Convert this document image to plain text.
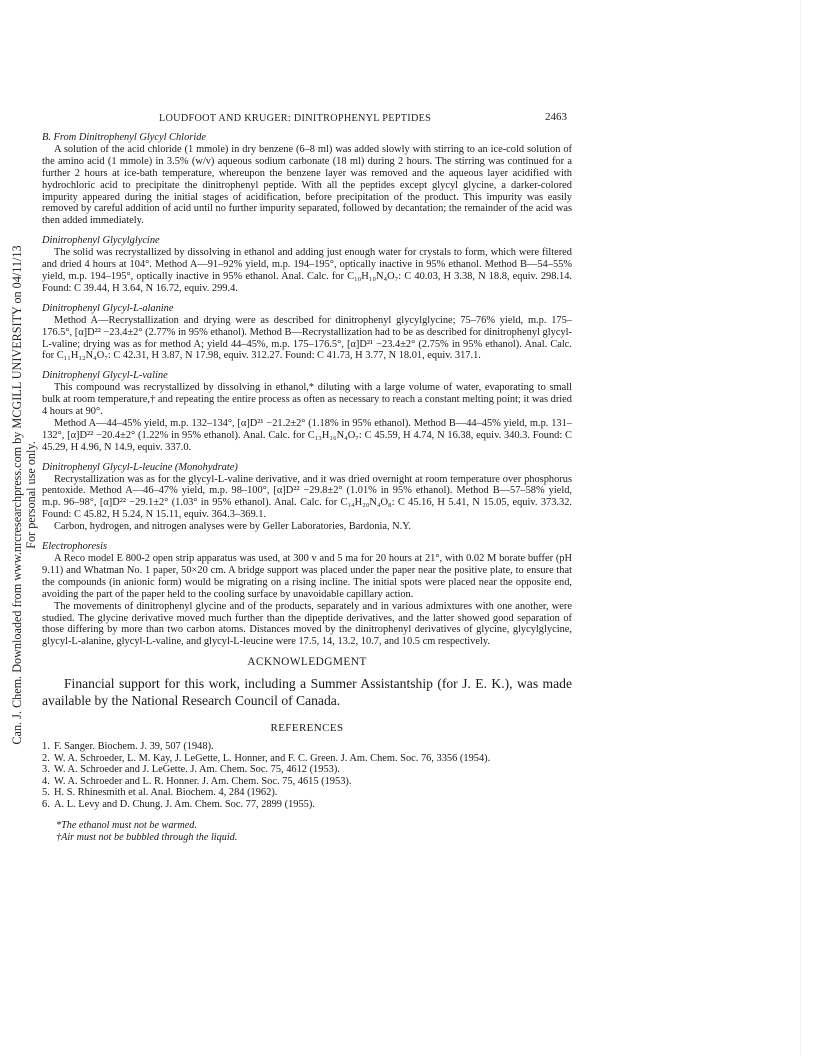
Can. J. Chem. Downloaded from www.nrcresearchpress.com by MCGILL UNIVERSITY on 04/11/13 For personal use only.
LOUDFOOT AND KRUGER: DINITROPHENYL PEPTIDES	2463
B. From Dinitrophenyl Glycyl Chloride

A solution of the acid chloride (1 mmole) in dry benzene (6–8 ml) was added slowly with stirring to an ice-cold solution of the amino acid (1 mmole) in 3.5% (w/v) aqueous sodium carbonate (18 ml) during 2 hours. The stirring was continued for a further 2 hours at ice-bath temperature, whereupon the benzene layer was removed and the aqueous layer acidified with hydrochloric acid to precipitate the dinitrophenyl peptide. With all the peptides except glycyl glycine, a darker-colored impurity appeared during the initial stages of acidification, before precipitation of the product. This impurity was easily removed by careful addition of acid until no further impurity separated, followed by decantation; the remainder of the acid was then added immediately.

Dinitrophenyl Glycylglycine

The solid was recrystallized by dissolving in ethanol and adding just enough water for crystals to form, which were filtered and dried 4 hours at 104°. Method A—91–92% yield, m.p. 194–195°, optically inactive in 95% ethanol. Method B—54–55% yield, m.p. 194–195°, optically inactive in 95% ethanol. Anal. Calc. for C₁₀H₁₀N₄O₇: C 40.03, H 3.38, N 18.8, equiv. 298.14. Found: C 39.44, H 3.64, N 16.72, equiv. 299.4.

Dinitrophenyl Glycyl-L-alanine

Method A—Recrystallization and drying were as described for dinitrophenyl glycylglycine; 75–76% yield, m.p. 175–176.5°, [α]D²² −23.4±2° (2.77% in 95% ethanol). Method B—Recrystallization had to be as described for dinitrophenyl glycyl-L-valine; drying was as for method A; yield 44–45%, m.p. 175–176.5°, [α]D²¹ −23.4±2° (2.75% in 95% ethanol). Anal. Calc. for C₁₁H₁₂N₄O₇: C 42.31, H 3.87, N 17.98, equiv. 312.27. Found: C 41.73, H 3.77, N 18.01, equiv. 317.1.

Dinitrophenyl Glycyl-L-valine

This compound was recrystallized by dissolving in ethanol,* diluting with a large volume of water, evaporating to small bulk at room temperature,† and repeating the entire process as often as necessary to reach a constant melting point; it was dried 4 hours at 90°.

Method A—44–45% yield, m.p. 132–134°, [α]D²¹ −21.2±2° (1.18% in 95% ethanol). Method B—44–45% yield, m.p. 131–132°, [α]D²² −20.4±2° (1.22% in 95% ethanol). Anal. Calc. for C₁₃H₁₆N₄O₇: C 45.59, H 4.74, N 16.38, equiv. 340.3. Found: C 45.29, H 4.96, N 14.9, equiv. 337.0.

Dinitrophenyl Glycyl-L-leucine (Monohydrate)

Recrystallization was as for the glycyl-L-valine derivative, and it was dried overnight at room temperature over phosphorus pentoxide. Method A—46–47% yield, m.p. 98–100°, [α]D²² −29.8±2° (1.01% in 95% ethanol). Method B—57–58% yield, m.p. 96–98°, [α]D²² −29.1±2° (1.03° in 95% ethanol). Anal. Calc. for C₁₄H₂₀N₄O₈: C 45.16, H 5.41, N 15.05, equiv. 373.32. Found: C 45.82, H 5.24, N 15.11, equiv. 364.3–369.1.

Carbon, hydrogen, and nitrogen analyses were by Geller Laboratories, Bardonia, N.Y.

Electrophoresis

A Reco model E 800-2 open strip apparatus was used, at 300 v and 5 ma for 20 hours at 21°, with 0.02 M borate buffer (pH 9.11) and Whatman No. 1 paper, 50×20 cm. A bridge support was placed under the paper near the positive plate, to ensure that the compounds (in anionic form) would be migrating on a rising incline. The initial spots were placed near the opposite end, avoiding the part of the paper held to the cooling surface by unavoidable capillary action.

The movements of dinitrophenyl glycine and of the products, separately and in various admixtures with one another, were studied. The glycine derivative moved much further than the dipeptide derivatives, and the latter showed good separation of those differing by more than two carbon atoms. Distances moved by the dinitrophenyl derivatives of glycine, glycylglycine, glycyl-L-alanine, glycyl-L-valine, and glycyl-L-leucine were 17.5, 14, 13.2, 10.7, and 10.5 cm respectively.

ACKNOWLEDGMENT
Financial support for this work, including a Summer Assistantship (for J. E. K.), was made available by the National Research Council of Canada.
REFERENCES
1. F. Sanger. Biochem. J. 39, 507 (1948).
2. W. A. Schroeder, L. M. Kay, J. LeGette, L. Honner, and F. C. Green. J. Am. Chem. Soc. 76, 3356 (1954).
3. W. A. Schroeder and J. LeGette. J. Am. Chem. Soc. 75, 4612 (1953).
4. W. A. Schroeder and L. R. Honner. J. Am. Chem. Soc. 75, 4615 (1953).
5. H. S. Rhinesmith et al. Anal. Biochem. 4, 284 (1962).
6. A. L. Levy and D. Chung. J. Am. Chem. Soc. 77, 2899 (1955).
*The ethanol must not be warmed.
†Air must not be bubbled through the liquid.
